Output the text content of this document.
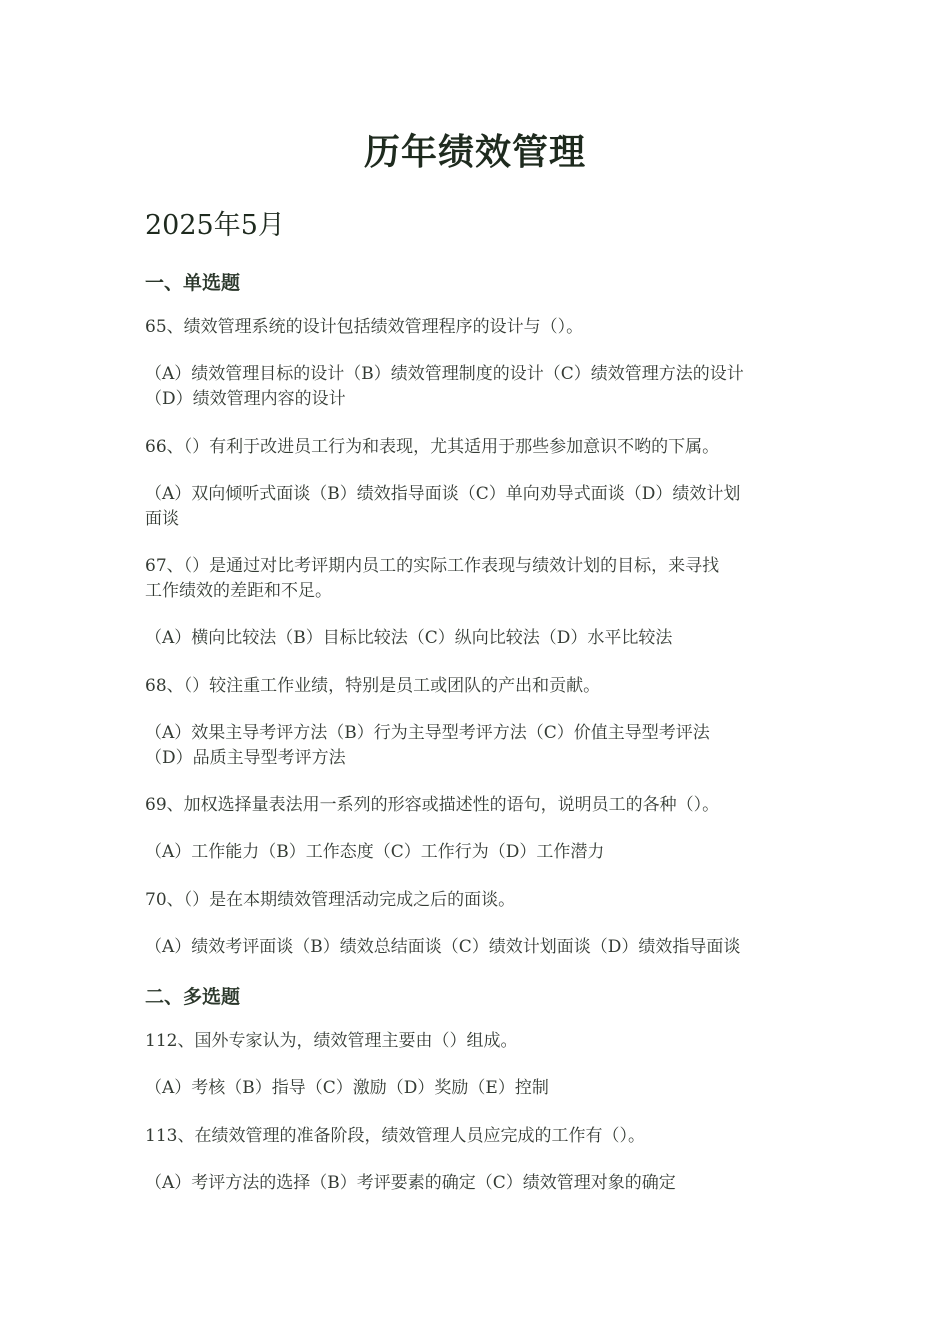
历年绩效管理
2025年5月
一、单选题
65、绩效管理系统的设计包括绩效管理程序的设计与（）。
（A）绩效管理目标的设计（B）绩效管理制度的设计（C）绩效管理方法的设计
（D）绩效管理内容的设计
66、（）有利于改进员工行为和表现，尤其适用于那些参加意识不哟的下属。
（A）双向倾听式面谈（B）绩效指导面谈（C）单向劝导式面谈（D）绩效计划
面谈
67、（）是通过对比考评期内员工的实际工作表现与绩效计划的目标，来寻找
工作绩效的差距和不足。
（A）横向比较法（B）目标比较法（C）纵向比较法（D）水平比较法
68、（）较注重工作业绩，特别是员工或团队的产出和贡献。
（A）效果主导考评方法（B）行为主导型考评方法（C）价值主导型考评法
（D）品质主导型考评方法
69、加权选择量表法用一系列的形容或描述性的语句，说明员工的各种（）。
（A）工作能力（B）工作态度（C）工作行为（D）工作潜力
70、（）是在本期绩效管理活动完成之后的面谈。
（A）绩效考评面谈（B）绩效总结面谈（C）绩效计划面谈（D）绩效指导面谈
二、多选题
112、国外专家认为，绩效管理主要由（）组成。
（A）考核（B）指导（C）激励（D）奖励（E）控制
113、在绩效管理的准备阶段，绩效管理人员应完成的工作有（）。
（A）考评方法的选择（B）考评要素的确定（C）绩效管理对象的确定
